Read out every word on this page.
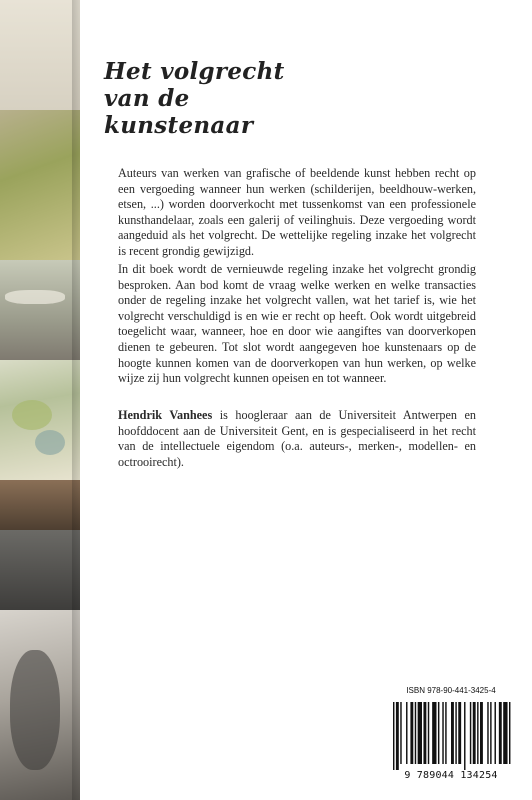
Het volgrecht
van de
kunstenaar

Auteurs van werken van grafische of beeldende kunst hebben recht op een vergoeding wanneer hun werken (schilderijen, beeldhouw-werken, etsen, ...) worden doorverkocht met tussenkomst van een professionele kunsthandelaar, zoals een galerij of veilinghuis. Deze vergoeding wordt aangeduid als het volgrecht. De wettelijke regeling inzake het volgrecht is recent grondig gewijzigd.

In dit boek wordt de vernieuwde regeling inzake het volgrecht grondig besproken. Aan bod komt de vraag welke werken en welke transacties onder de regeling inzake het volgrecht vallen, wat het tarief is, wie het volgrecht verschuldigd is en wie er recht op heeft. Ook wordt uitgebreid toegelicht waar, wanneer, hoe en door wie aangiftes van doorverkopen dienen te gebeuren. Tot slot wordt aangegeven hoe kunstenaars op de hoogte kunnen komen van de doorverkopen van hun werken, op welke wijze zij hun volgrecht kunnen opeisen en tot wanneer.

Hendrik Vanhees is hoogleraar aan de Universiteit Antwerpen en hoofddocent aan de Universiteit Gent, en is gespecialiseerd in het recht van de intellectuele eigendom (o.a. auteurs-, merken-, modellen- en octrooirecht).

ISBN 978-90-441-3425-4
9 789044 134254
